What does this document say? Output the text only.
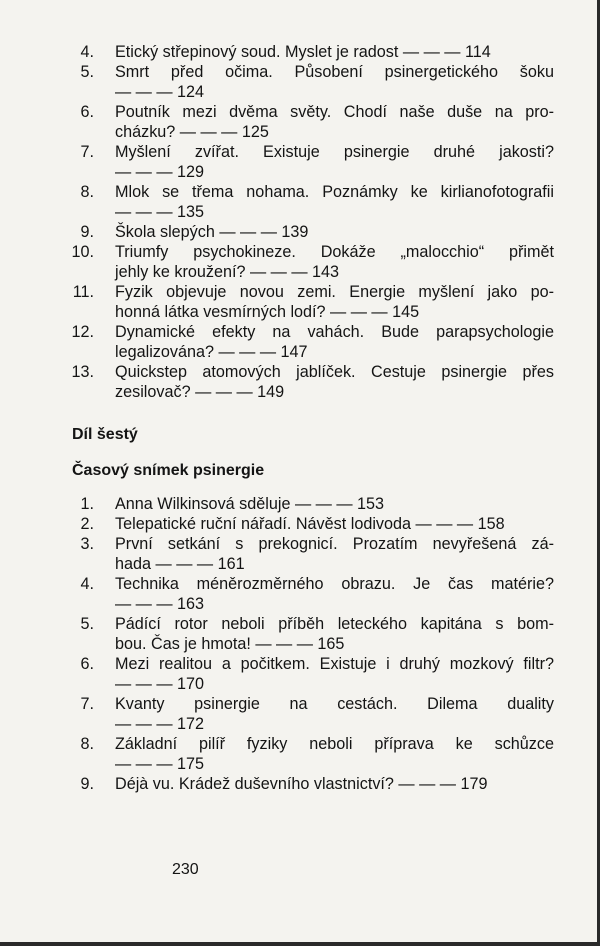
4. Etický střepinový soud. Myslet je radost — — — 114
5. Smrt před očima. Působení psinergetického šoku
— — — 124
6. Poutník mezi dvěma světy. Chodí naše duše na pro-
cházku? — — — 125
7. Myšlení zvířat. Existuje psinergie druhé jakosti?
— — — 129
8. Mlok se třema nohama. Poznámky ke kirlianofotografii
— — — 135
9. Škola slepých — — — 139
10. Triumfy psychokineze. Dokáže „malocchio“ přimět
jehly ke kroužení? — — — 143
11. Fyzik objevuje novou zemi. Energie myšlení jako po-
honná látka vesmírných lodí? — — — 145
12. Dynamické efekty na vahách. Bude parapsychologie
legalizována? — — — 147
13. Quickstep atomových jablíček. Cestuje psinergie přes
zesilovač? — — — 149
Díl šestý
Časový snímek psinergie
1. Anna Wilkinsová sděluje — — — 153
2. Telepatické ruční nářadí. Návěst lodivoda — — — 158
3. První setkání s prekognicí. Prozatím nevyřešená zá-
hada — — — 161
4. Technika méněrozměrného obrazu. Je čas matérie?
— — — 163
5. Pádící rotor neboli příběh leteckého kapitána s bom-
bou. Čas je hmota! — — — 165
6. Mezi realitou a počitkem. Existuje i druhý mozkový filtr?
— — — 170
7. Kvanty psinergie na cestách. Dilema duality
— — — 172
8. Základní pilíř fyziky neboli příprava ke schůzce
— — — 175
9. Déjà vu. Krádež duševního vlastnictví? — — — 179
230
